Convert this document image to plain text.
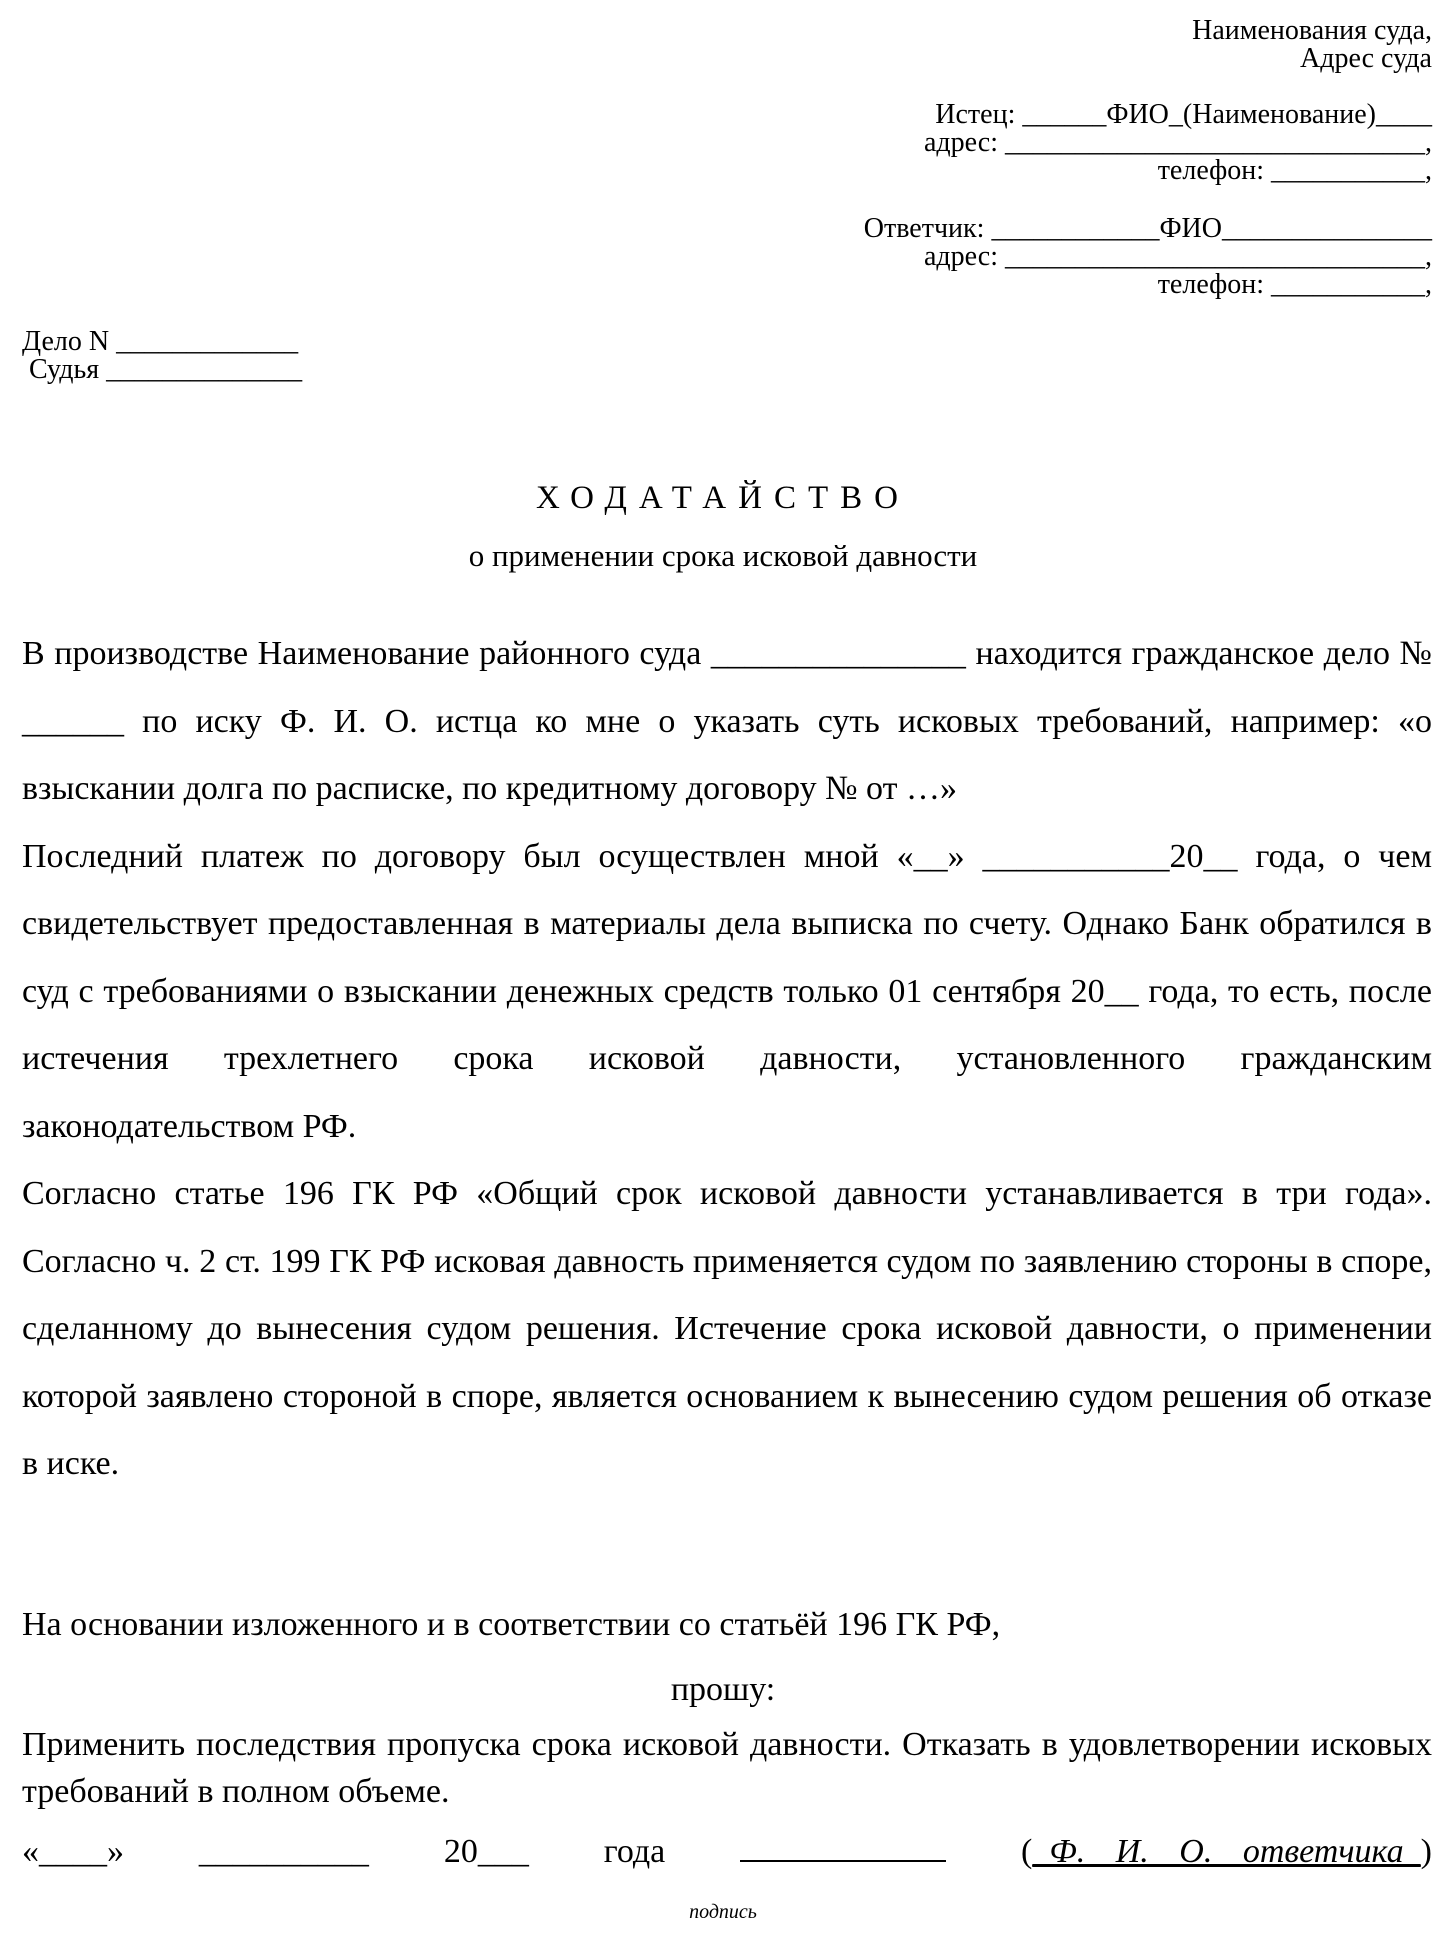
Наименования суда,
Адрес суда
Истец: ______ФИО_(Наименование)____
адрес: ______________________________,
телефон: ___________,
Ответчик: ____________ФИО_______________
адрес: ______________________________,
телефон: ___________,
Дело N _____________
Судья ______________
ХОДАТАЙСТВО
о применении срока исковой давности

В производстве Наименование районного суда _______________ находится гражданское дело № ______ по иску Ф. И. О. истца ко мне о указать суть исковых требований, например: «о взыскании долга по расписке, по кредитному договору № от …»

Последний платеж по договору был осуществлен мной «__» ___________20__ года, о чем свидетельствует предоставленная в материалы дела выписка по счету. Однако Банк обратился в суд с требованиями о взыскании денежных средств только 01 сентября 20__ года, то есть, после истечения трехлетнего срока исковой давности, установленного гражданским законодательством РФ.

Согласно статье 196 ГК РФ «Общий срок исковой давности устанавливается в три года». Согласно ч. 2 ст. 199 ГК РФ исковая давность применяется судом по заявлению стороны в споре, сделанному до вынесения судом решения. Истечение срока исковой давности, о применении которой заявлено стороной в споре, является основанием к вынесению судом решения об отказе в иске.

На основании изложенного и в соответствии со статьёй 196 ГК РФ,
прошу:
Применить последствия пропуска срока исковой давности. Отказать в удовлетворении исковых требований в полном объеме.
«____» __________ 20___ года	(_Ф. И. О. ответчика_)
подпись
